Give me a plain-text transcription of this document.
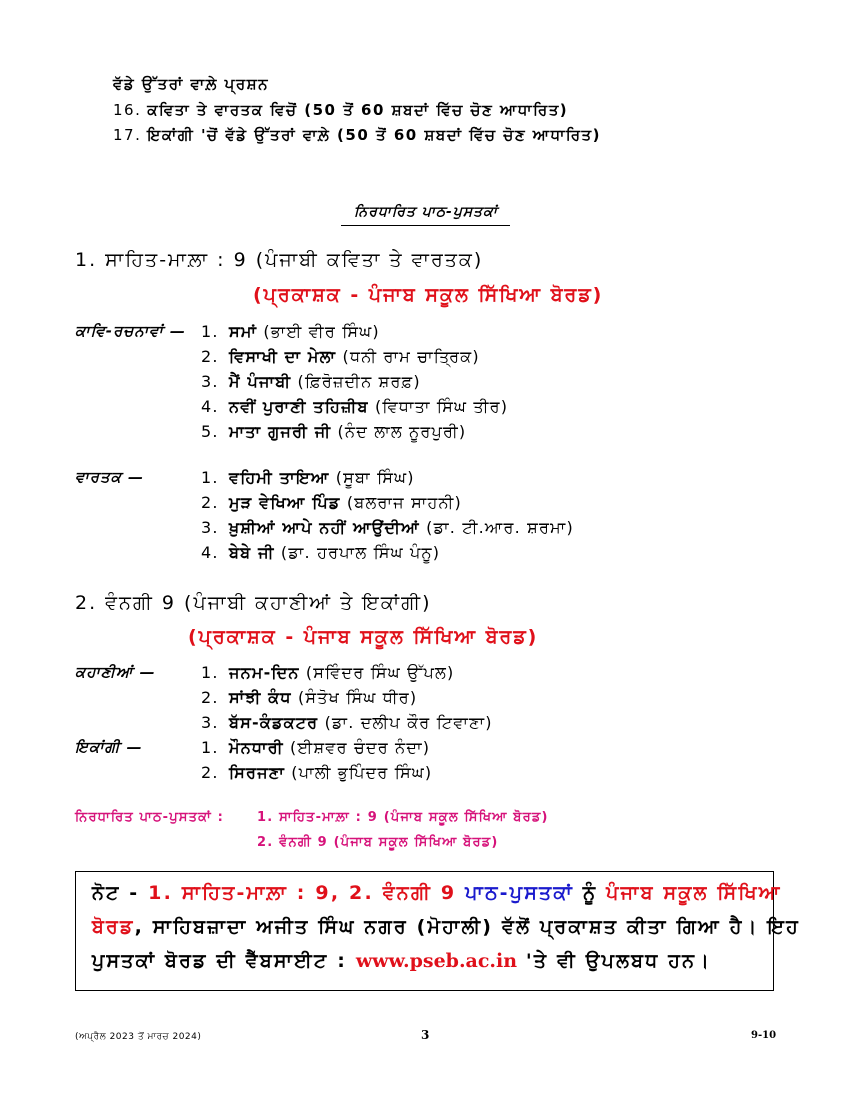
ਵੱਡੇ ਉੱਤਰਾਂ ਵਾਲ਼ੇ ਪ੍ਰਸ਼ਨ
16. ਕਵਿਤਾ ਤੇ ਵਾਰਤਕ ਵਿਚੋਂ (50 ਤੋਂ 60 ਸ਼ਬਦਾਂ ਵਿੱਚ ਚੋਣ ਆਧਾਰਿਤ)
17. ਇਕਾਂਗੀ 'ਚੋਂ ਵੱਡੇ ਉੱਤਰਾਂ ਵਾਲ਼ੇ (50 ਤੋਂ 60 ਸ਼ਬਦਾਂ ਵਿੱਚ ਚੋਣ ਆਧਾਰਿਤ)
ਨਿਰਧਾਰਿਤ ਪਾਠ-ਪੁਸਤਕਾਂ
1. ਸਾਹਿਤ-ਮਾਲ਼ਾ : 9 (ਪੰਜਾਬੀ ਕਵਿਤਾ ਤੇ ਵਾਰਤਕ)
(ਪ੍ਰਕਾਸ਼ਕ - ਪੰਜਾਬ ਸਕੂਲ ਸਿੱਖਿਆ ਬੋਰਡ)
ਕਾਵਿ-ਰਚਨਾਵਾਂ — 1. ਸਮਾਂ (ਭਾਈ ਵੀਰ ਸਿੰਘ)
2. ਵਿਸਾਖੀ ਦਾ ਮੇਲਾ (ਧਨੀ ਰਾਮ ਚਾਤ੍ਰਿਕ)
3. ਮੈਂ ਪੰਜਾਬੀ (ਫ਼ਿਰੋਜ਼ਦੀਨ ਸ਼ਰਫ਼)
4. ਨਵੀਂ ਪੁਰਾਣੀ ਤਹਿਜ਼ੀਬ (ਵਿਧਾਤਾ ਸਿੰਘ ਤੀਰ)
5. ਮਾਤਾ ਗੁਜਰੀ ਜੀ (ਨੰਦ ਲਾਲ ਨੂਰਪੁਰੀ)
ਵਾਰਤਕ —	1. ਵਹਿਮੀ ਤਾਇਆ (ਸੂਬਾ ਸਿੰਘ)
2. ਮੁੜ ਵੇਖਿਆ ਪਿੰਡ (ਬਲਰਾਜ ਸਾਹਨੀ)
3. ਖ਼ੁਸ਼ੀਆਂ ਆਪੇ ਨਹੀਂ ਆਉਂਦੀਆਂ (ਡਾ. ਟੀ.ਆਰ. ਸ਼ਰਮਾ)
4. ਬੇਬੇ ਜੀ (ਡਾ. ਹਰਪਾਲ ਸਿੰਘ ਪੰਨੂ)
2. ਵੰਨਗੀ 9 (ਪੰਜਾਬੀ ਕਹਾਣੀਆਂ ਤੇ ਇਕਾਂਗੀ)
(ਪ੍ਰਕਾਸ਼ਕ - ਪੰਜਾਬ ਸਕੂਲ ਸਿੱਖਿਆ ਬੋਰਡ)
ਕਹਾਣੀਆਂ —	1. ਜਨਮ-ਦਿਨ (ਸਵਿੰਦਰ ਸਿੰਘ ਉੱਪਲ)
2. ਸਾਂਝੀ ਕੰਧ (ਸੰਤੋਖ ਸਿੰਘ ਧੀਰ)
3. ਬੱਸ-ਕੰਡਕਟਰ (ਡਾ. ਦਲੀਪ ਕੌਰ ਟਿਵਾਣਾ)
ਇਕਾਂਗੀ —	1. ਮੌਨਧਾਰੀ (ਈਸ਼ਵਰ ਚੰਦਰ ਨੰਦਾ)
2. ਸਿਰਜਣਾ (ਪਾਲੀ ਭੁਪਿੰਦਰ ਸਿੰਘ)
ਨਿਰਧਾਰਿਤ ਪਾਠ-ਪੁਸਤਕਾਂ :	1. ਸਾਹਿਤ-ਮਾਲ਼ਾ : 9 (ਪੰਜਾਬ ਸਕੂਲ ਸਿੱਖਿਆ ਬੋਰਡ)
2. ਵੰਨਗੀ 9 (ਪੰਜਾਬ ਸਕੂਲ ਸਿੱਖਿਆ ਬੋਰਡ)
ਨੋਟ - 1. ਸਾਹਿਤ-ਮਾਲ਼ਾ : 9, 2. ਵੰਨਗੀ 9 ਪਾਠ-ਪੁਸਤਕਾਂ ਨੂੰ ਪੰਜਾਬ ਸਕੂਲ ਸਿੱਖਿਆ
ਬੋਰਡ, ਸਾਹਿਬਜ਼ਾਦਾ ਅਜੀਤ ਸਿੰਘ ਨਗਰ (ਮੋਹਾਲੀ) ਵੱਲੋਂ ਪ੍ਰਕਾਸ਼ਤ ਕੀਤਾ ਗਿਆ ਹੈ। ਇਹ
ਪੁਸਤਕਾਂ ਬੋਰਡ ਦੀ ਵੈੱਬਸਾਈਟ : www.pseb.ac.in 'ਤੇ ਵੀ ਉਪਲਬਧ ਹਨ।
(ਅਪ੍ਰੈਲ 2023 ਤੋਂ ਮਾਰਚ 2024)	3	9-10
